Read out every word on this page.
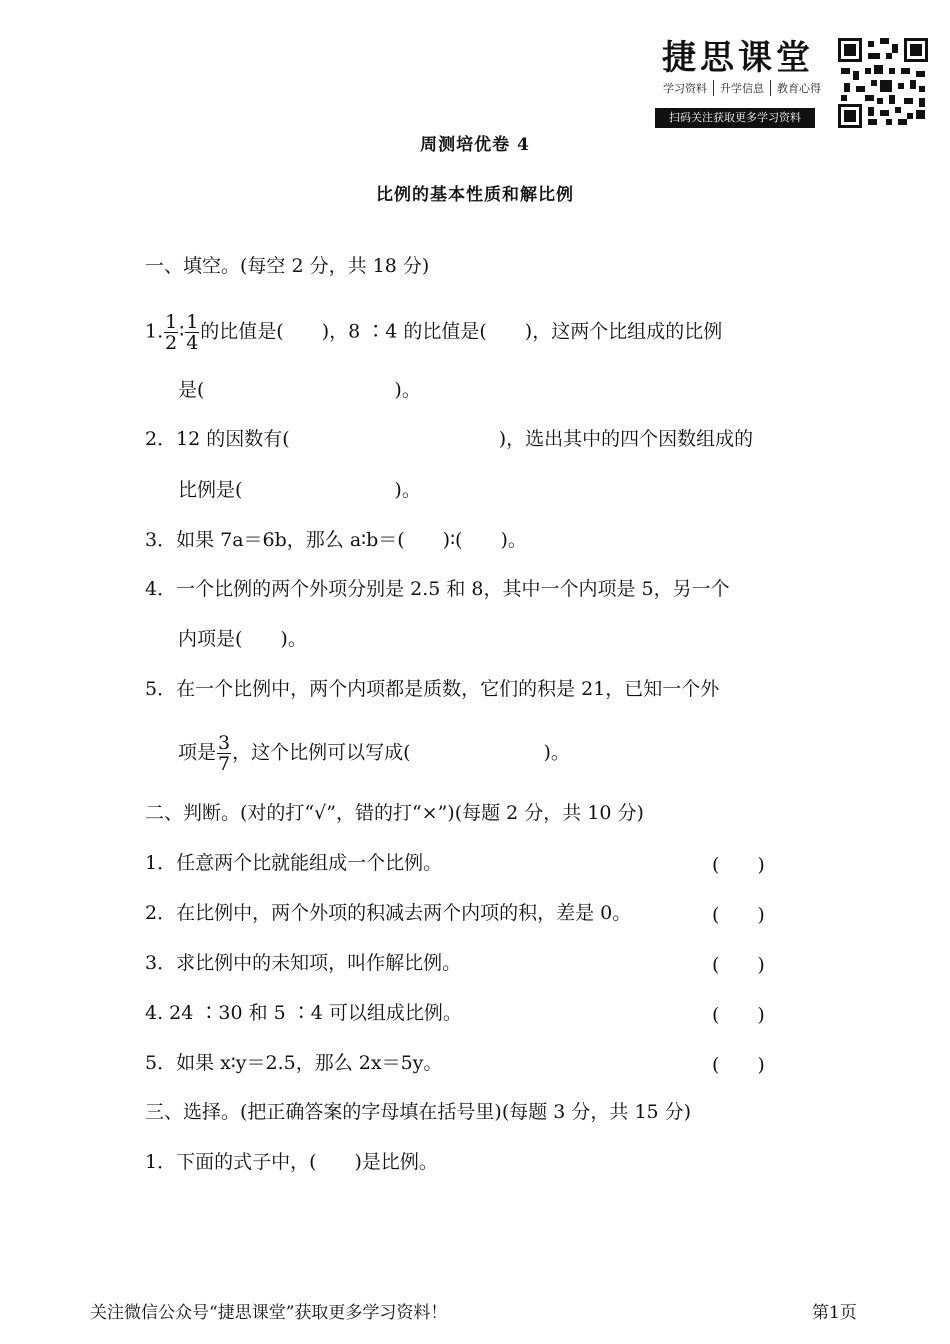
捷思课堂
学习资料	升学信息	教育心得
扫码关注获取更多学习资料
周测培优卷 4
比例的基本性质和解比例
一、填空。(每空 2 分，共 18 分)
1. $\frac{1}{2}$ ∶ $\frac{1}{4}$ 的比值是(　　)，8 ∶4 的比值是(　　)，这两个比组成的比例
是(　　　　　　　　　　)。
2．12 的因数有(　　　　　　　　　　　)，选出其中的四个因数组成的
比例是(　　　　　　　　)。
3．如果 7a＝6b，那么 a∶b＝(　　)∶(　　)。
4．一个比例的两个外项分别是 2.5 和 8，其中一个内项是 5，另一个
内项是(　　)。
5．在一个比例中，两个内项都是质数，它们的积是 21，已知一个外
项是 $\frac{3}{7}$ ，这个比例可以写成(　　　　　　　)。
二、判断。(对的打“√”，错的打“×”)(每题 2 分，共 10 分)
1．任意两个比就能组成一个比例。	(　　)
2．在比例中，两个外项的积减去两个内项的积，差是 0。	(　　)
3．求比例中的未知项，叫作解比例。	(　　)
4. 24 ∶30 和 5 ∶4 可以组成比例。	(　　)
5．如果 x∶y＝2.5，那么 2x＝5y。	(　　)
三、选择。(把正确答案的字母填在括号里)(每题 3 分，共 15 分)
1．下面的式子中，(　　)是比例。
关注微信公众号“捷思课堂”获取更多学习资料！	第1页
